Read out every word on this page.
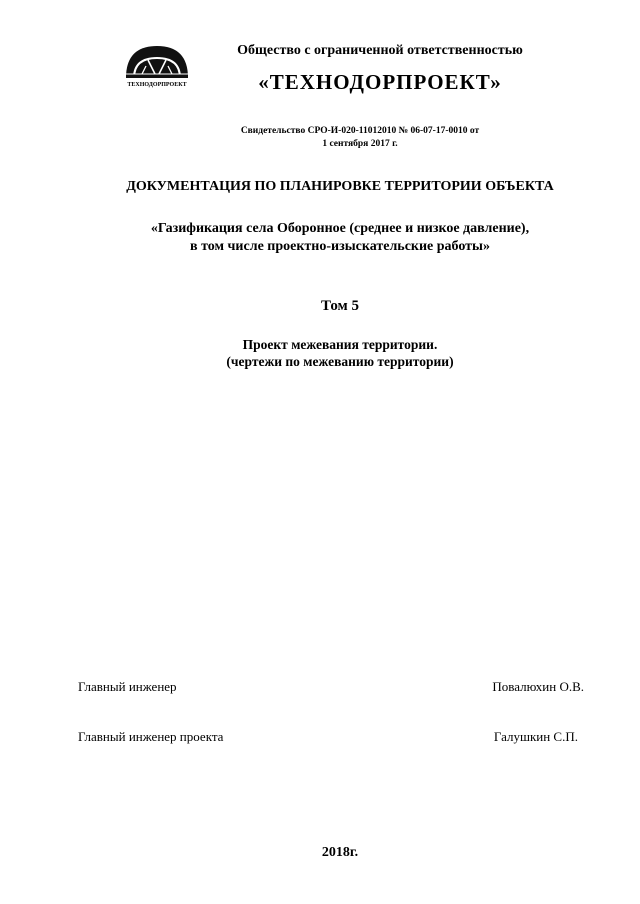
ТЕХНОДОРПРОЕКТ
Общество с ограниченной ответственностью
«ТЕХНОДОРПРОЕКТ»
Свидетельство СРО-И-020-11012010 № 06-07-17-0010 от
1 сентября 2017 г.
ДОКУМЕНТАЦИЯ ПО ПЛАНИРОВКЕ ТЕРРИТОРИИ ОБЪЕКТА
«Газификация села Оборонное (среднее и низкое давление),
в том числе проектно-изыскательские работы»
Том 5
Проект межевания территории.
(чертежи по межеванию территории)
Главный инженер	Повалюхин О.В.
Главный инженер проекта	Галушкин С.П.
2018г.
